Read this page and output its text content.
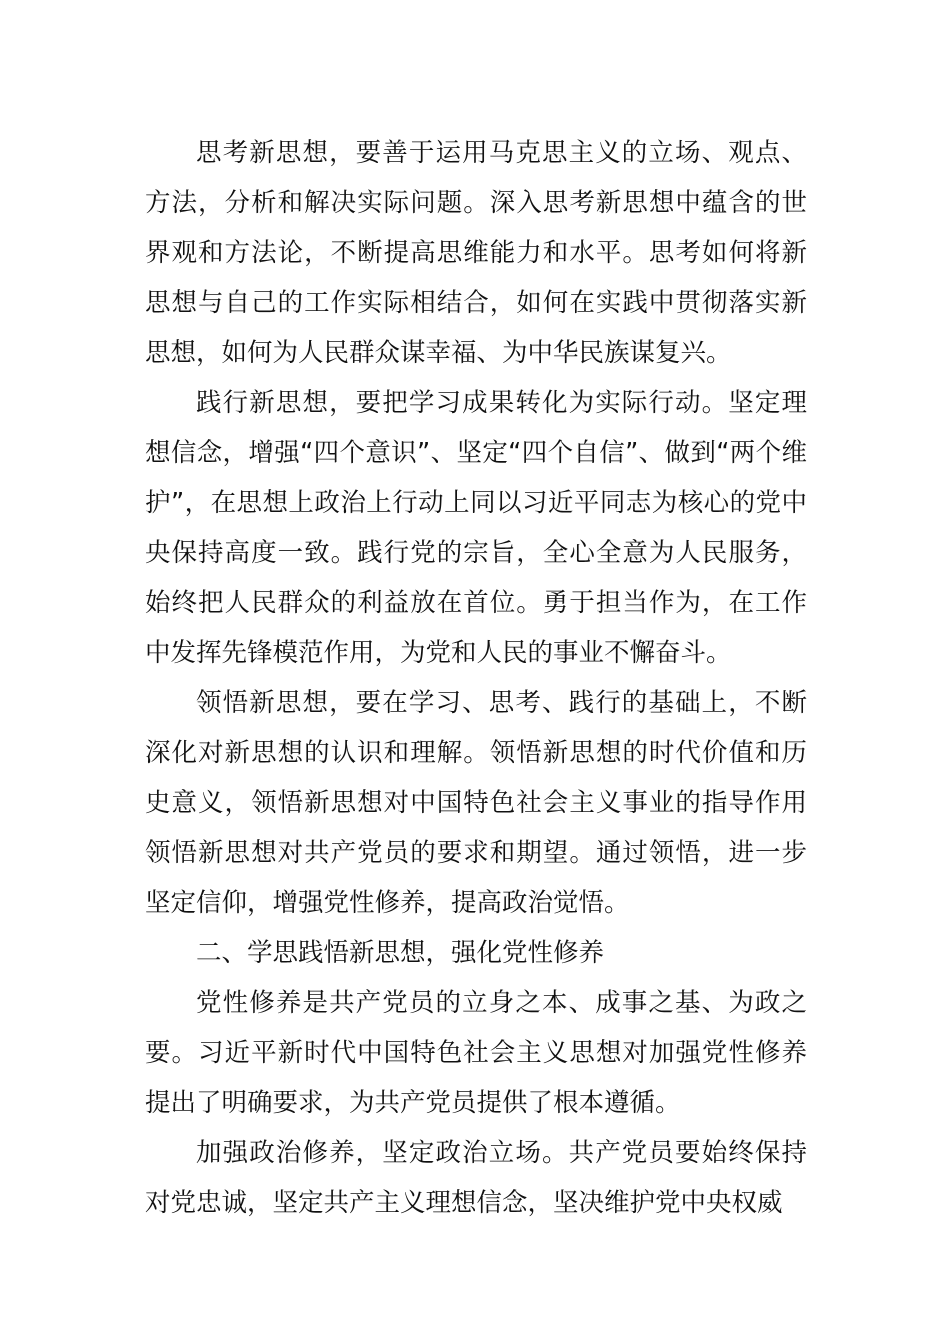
思考新思想，要善于运用马克思主义的立场、观点、方法，分析和解决实际问题。深入思考新思想中蕴含的世界观和方法论，不断提高思维能力和水平。思考如何将新思想与自己的工作实际相结合，如何在实践中贯彻落实新思想，如何为人民群众谋幸福、为中华民族谋复兴。

践行新思想，要把学习成果转化为实际行动。坚定理想信念，增强“四个意识”、坚定“四个自信”、做到“两个维护”，在思想上政治上行动上同以习近平同志为核心的党中央保持高度一致。践行党的宗旨，全心全意为人民服务，始终把人民群众的利益放在首位。勇于担当作为，在工作中发挥先锋模范作用，为党和人民的事业不懈奋斗。

领悟新思想，要在学习、思考、践行的基础上，不断深化对新思想的认识和理解。领悟新思想的时代价值和历史意义，领悟新思想对中国特色社会主义事业的指导作用领悟新思想对共产党员的要求和期望。通过领悟，进一步坚定信仰，增强党性修养，提高政治觉悟。

二、学思践悟新思想，强化党性修养

党性修养是共产党员的立身之本、成事之基、为政之要。习近平新时代中国特色社会主义思想对加强党性修养提出了明确要求，为共产党员提供了根本遵循。

加强政治修养，坚定政治立场。共产党员要始终保持对党忠诚，坚定共产主义理想信念，坚决维护党中央权威
